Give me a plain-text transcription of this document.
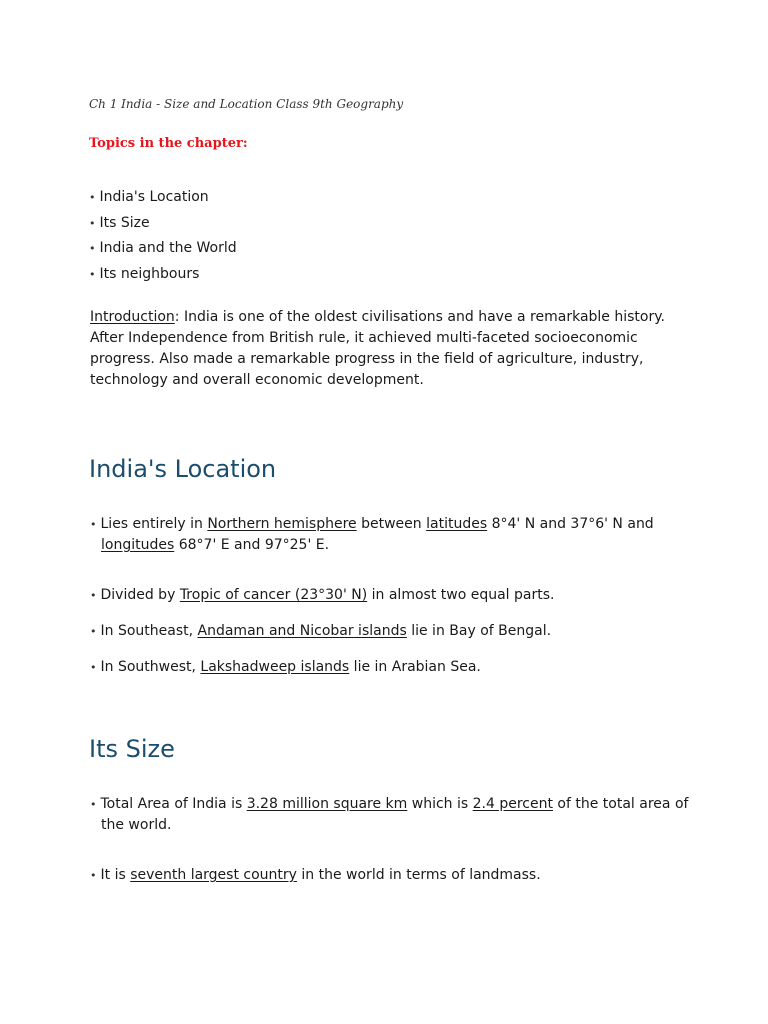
Ch 1 India - Size and Location Class 9th Geography
Topics in the chapter:
• India's Location
• Its Size
• India and the World
• Its neighbours
Introduction: India is one of the oldest civilisations and have a remarkable history. After Independence from British rule, it achieved multi-faceted socioeconomic progress. Also made a remarkable progress in the field of agriculture, industry, technology and overall economic development.
India's Location
• Lies entirely in Northern hemisphere between latitudes 8°4' N and 37°6' N and longitudes 68°7' E and 97°25' E.
• Divided by Tropic of cancer (23°30' N) in almost two equal parts.
• In Southeast, Andaman and Nicobar islands lie in Bay of Bengal.
• In Southwest, Lakshadweep islands lie in Arabian Sea.
Its Size
• Total Area of India is 3.28 million square km which is 2.4 percent of the total area of the world.
• It is seventh largest country in the world in terms of landmass.
